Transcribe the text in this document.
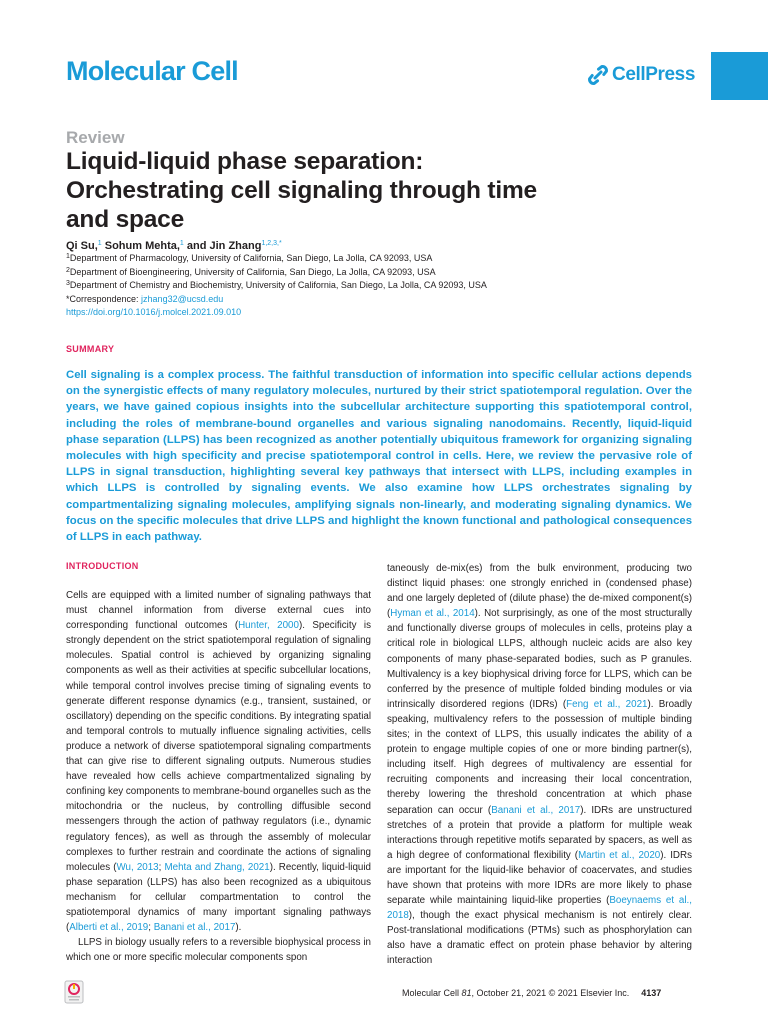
Molecular Cell	CellPress
Review
Liquid-liquid phase separation: Orchestrating cell signaling through time and space
Qi Su,$^1$ Sohum Mehta,$^1$ and Jin Zhang$^{1,2,3,*}$
$^1$Department of Pharmacology, University of California, San Diego, La Jolla, CA 92093, USA
$^2$Department of Bioengineering, University of California, San Diego, La Jolla, CA 92093, USA
$^3$Department of Chemistry and Biochemistry, University of California, San Diego, La Jolla, CA 92093, USA
*Correspondence: jzhang32@ucsd.edu
https://doi.org/10.1016/j.molcel.2021.09.010
SUMMARY

Cell signaling is a complex process. The faithful transduction of information into specific cellular actions depends on the synergistic effects of many regulatory molecules, nurtured by their strict spatiotemporal regulation. Over the years, we have gained copious insights into the subcellular architecture supporting this spatiotemporal control, including the roles of membrane-bound organelles and various signaling nanodomains. Recently, liquid-liquid phase separation (LLPS) has been recognized as another potentially ubiquitous framework for organizing signaling molecules with high specificity and precise spatiotemporal control in cells. Here, we review the pervasive role of LLPS in signal transduction, highlighting several key pathways that intersect with LLPS, including examples in which LLPS is controlled by signaling events. We also examine how LLPS orchestrates signaling by compartmentalizing signaling molecules, amplifying signals non-linearly, and moderating signaling dynamics. We focus on the specific molecules that drive LLPS and highlight the known functional and pathological consequences of LLPS in each pathway.

INTRODUCTION

Cells are equipped with a limited number of signaling pathways that must channel information from diverse external cues into corresponding functional outcomes (Hunter, 2000). Specificity is strongly dependent on the strict spatiotemporal regulation of signaling molecules. Spatial control is achieved by organizing signaling components as well as their activities at specific subcellular locations, while temporal control involves precise timing of signaling events to generate different response dynamics (e.g., transient, sustained, or oscillatory) depending on the specific conditions. By integrating spatial and temporal controls to mutually influence signaling activities, cells produce a network of diverse spatiotemporal signaling compartments that can give rise to different signaling outputs. Numerous studies have revealed how cells achieve compartmentalized signaling by confining key components to membrane-bound organelles such as the mitochondria or the nucleus, by controlling diffusible second messengers through the action of pathway regulators (i.e., dynamic regulatory fences), as well as through the assembly of molecular complexes to further restrain and coordinate the actions of signaling molecules (Wu, 2013; Mehta and Zhang, 2021). Recently, liquid-liquid phase separation (LLPS) has also been recognized as a ubiquitous mechanism for cellular compartmentation to control the spatiotemporal dynamics of many important signaling pathways (Alberti et al., 2019; Banani et al., 2017).

LLPS in biology usually refers to a reversible biophysical process in which one or more specific molecular components spon

taneously de-mix(es) from the bulk environment, producing two distinct liquid phases: one strongly enriched in (condensed phase) and one largely depleted of (dilute phase) the de-mixed component(s) (Hyman et al., 2014). Not surprisingly, as one of the most structurally and functionally diverse groups of molecules in cells, proteins play a critical role in biological LLPS, although nucleic acids are also key components of many phase-separated bodies, such as P granules. Multivalency is a key biophysical driving force for LLPS, which can be conferred by the presence of multiple folded binding modules or via intrinsically disordered regions (IDRs) (Feng et al., 2021). Broadly speaking, multivalency refers to the possession of multiple binding sites; in the context of LLPS, this usually indicates the ability of a protein to engage multiple copies of one or more binding partner(s), including itself. High degrees of multivalency are essential for recruiting components and increasing their local concentration, thereby lowering the threshold concentration at which phase separation can occur (Banani et al., 2017). IDRs are unstructured stretches of a protein that provide a platform for multiple weak interactions through repetitive motifs separated by spacers, as well as a high degree of conformational flexibility (Martin et al., 2020). IDRs are important for the liquid-like behavior of coacervates, and studies have shown that proteins with more IDRs are more likely to phase separate while maintaining liquid-like properties (Boeynaems et al., 2018), though the exact physical mechanism is not entirely clear. Post-translational modifications (PTMs) such as phosphorylation can also have a dramatic effect on protein phase behavior by altering interaction

Molecular Cell 81, October 21, 2021 © 2021 Elsevier Inc. 4137
